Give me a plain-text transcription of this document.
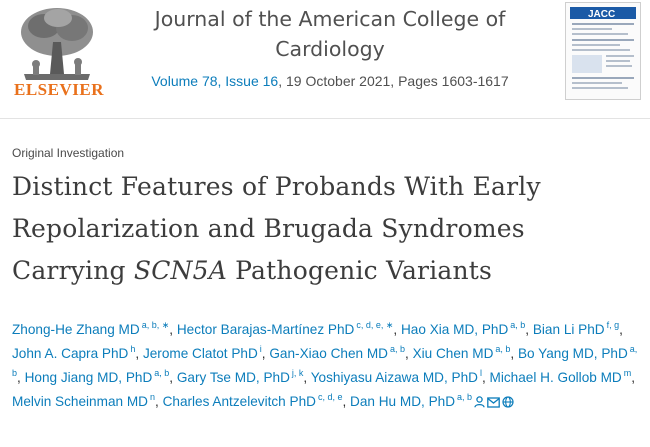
ELSEVIER
Journal of the American College of
Cardiology
Volume 78, Issue 16, 19 October 2021, Pages 1603-1617
JACC
Original Investigation
Distinct Features of Probands With Early
Repolarization and Brugada Syndromes
Carrying SCN5A Pathogenic Variants
Zhong-He Zhang MD $^{a, b, ∗}$, Hector Barajas-Martínez PhD $^{c, d, e, ∗}$, Hao Xia MD, PhD $^{a, b}$, Bian Li PhD $^{f, g}$, John A. Capra PhD $^h$, Jerome Clatot PhD $^i$, Gan-Xiao Chen MD $^{a, b}$, Xiu Chen MD $^{a, b}$, Bo Yang MD, PhD $^{a, b}$, Hong Jiang MD, PhD $^{a, b}$, Gary Tse MD, PhD $^{j, k}$, Yoshiyasu Aizawa MD, PhD $^l$, Michael H. Gollob MD $^m$, Melvin Scheinman MD $^n$, Charles Antzelevitch PhD $^{c, d, e}$, Dan Hu MD, PhD $^{a, b}$
